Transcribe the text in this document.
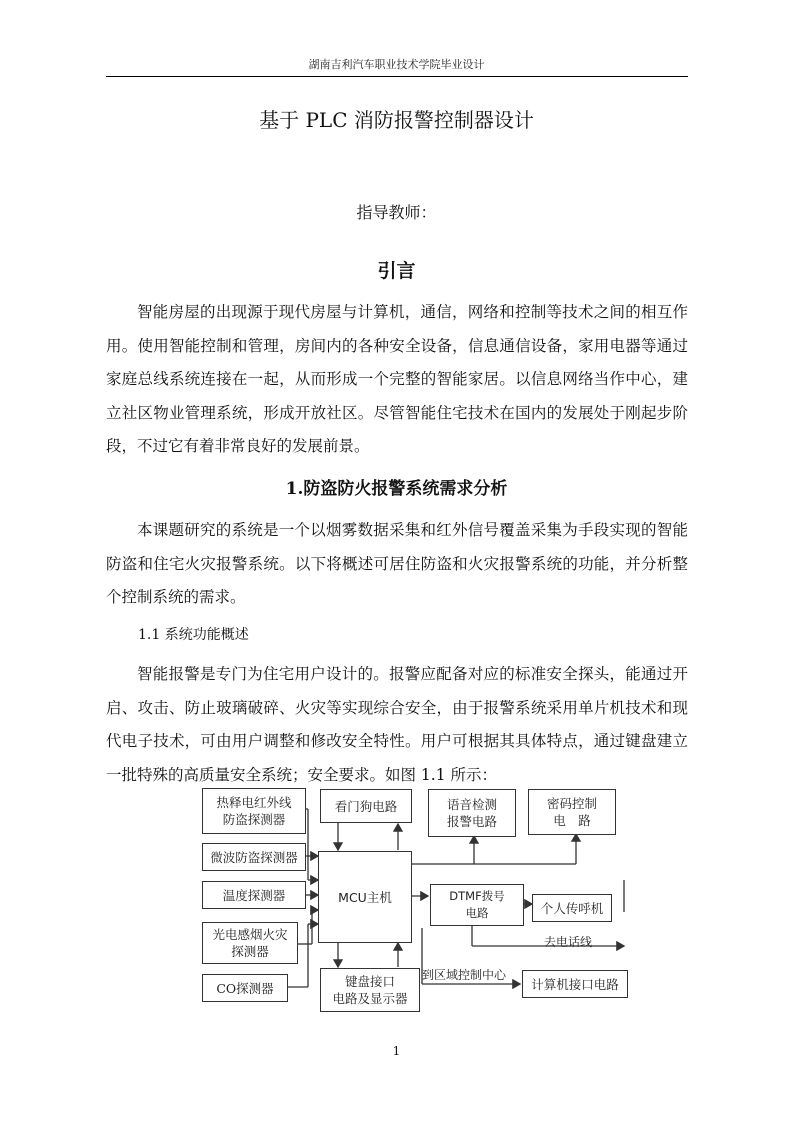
湖南吉利汽车职业技术学院毕业设计
基于 PLC 消防报警控制器设计
指导教师：
引言

智能房屋的出现源于现代房屋与计算机，通信，网络和控制等技术之间的相互作用。使用智能控制和管理，房间内的各种安全设备，信息通信设备，家用电器等通过家庭总线系统连接在一起，从而形成一个完整的智能家居。以信息网络当作中心，建立社区物业管理系统，形成开放社区。尽管智能住宅技术在国内的发展处于刚起步阶段，不过它有着非常良好的发展前景。

1.防盗防火报警系统需求分析

本课题研究的系统是一个以烟雾数据采集和红外信号覆盖采集为手段实现的智能防盗和住宅火灾报警系统。以下将概述可居住防盗和火灾报警系统的功能，并分析整个控制系统的需求。

1.1 系统功能概述

智能报警是专门为住宅用户设计的。报警应配备对应的标准安全探头，能通过开启、攻击、防止玻璃破碎、火灾等实现综合安全，由于报警系统采用单片机技术和现代电子技术，可由用户调整和修改安全特性。用户可根据其具体特点，通过键盘建立一批特殊的高质量安全系统；安全要求。如图 1.1 所示：

热释电红外线
防盗探测器
微波防盗探测器
温度探测器
光电感烟火灾
探测器
CO探测器
看门狗电路
MCU主机
键盘接口
电路及显示器
语音检测
报警电路
密码控制
电　路
DTMF拨号
电路	个人传呼机
计算机接口电路
去电话线
到区域控制中心
1
